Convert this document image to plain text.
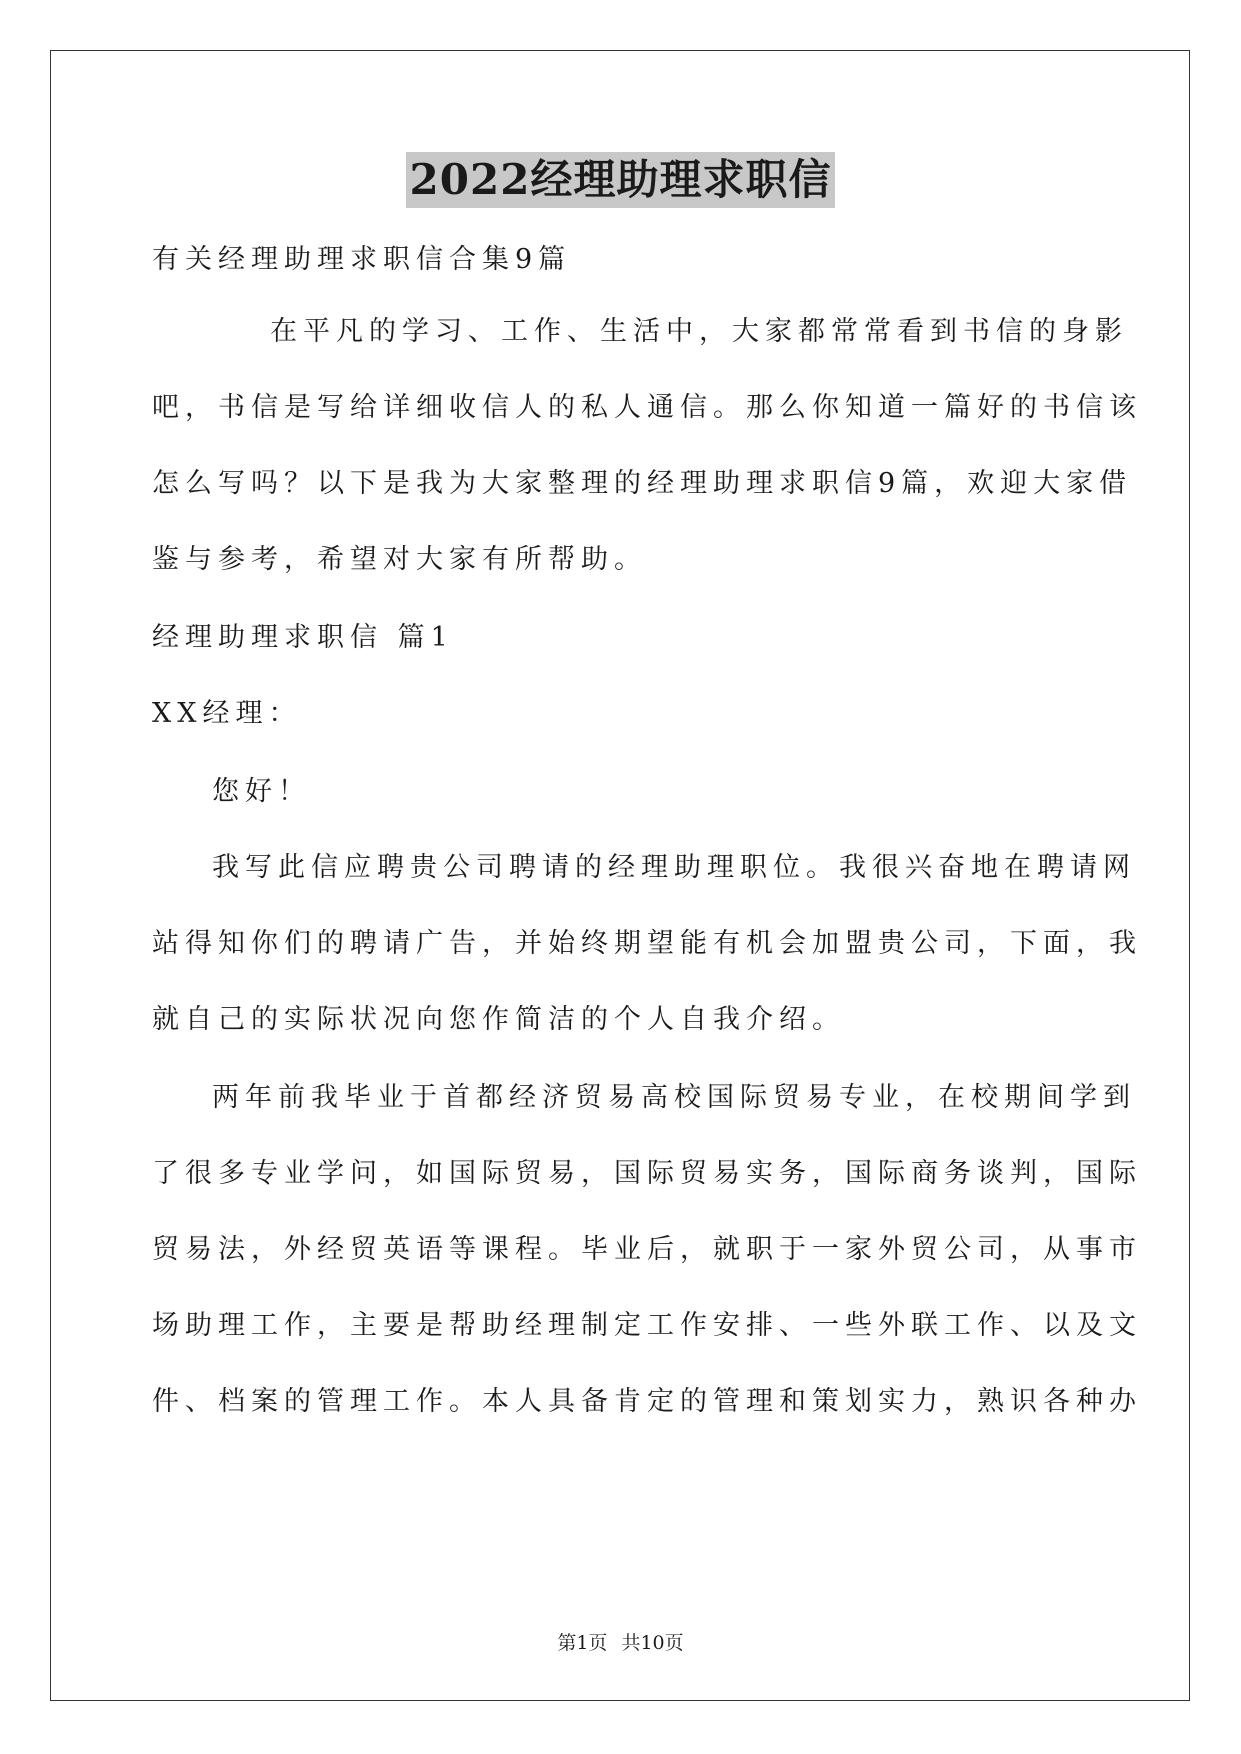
2022经理助理求职信
有关经理助理求职信合集9篇
在平凡的学习、工作、生活中，大家都常常看到书信的身影
吧，书信是写给详细收信人的私人通信。那么你知道一篇好的书信该
怎么写吗？以下是我为大家整理的经理助理求职信9篇，欢迎大家借
鉴与参考，希望对大家有所帮助。
经理助理求职信 篇1
XX经理：
您好！
我写此信应聘贵公司聘请的经理助理职位。我很兴奋地在聘请网
站得知你们的聘请广告，并始终期望能有机会加盟贵公司，下面，我
就自己的实际状况向您作简洁的个人自我介绍。
两年前我毕业于首都经济贸易高校国际贸易专业，在校期间学到
了很多专业学问，如国际贸易，国际贸易实务，国际商务谈判，国际
贸易法，外经贸英语等课程。毕业后，就职于一家外贸公司，从事市
场助理工作，主要是帮助经理制定工作安排、一些外联工作、以及文
件、档案的管理工作。本人具备肯定的管理和策划实力，熟识各种办
第1页 共10页
